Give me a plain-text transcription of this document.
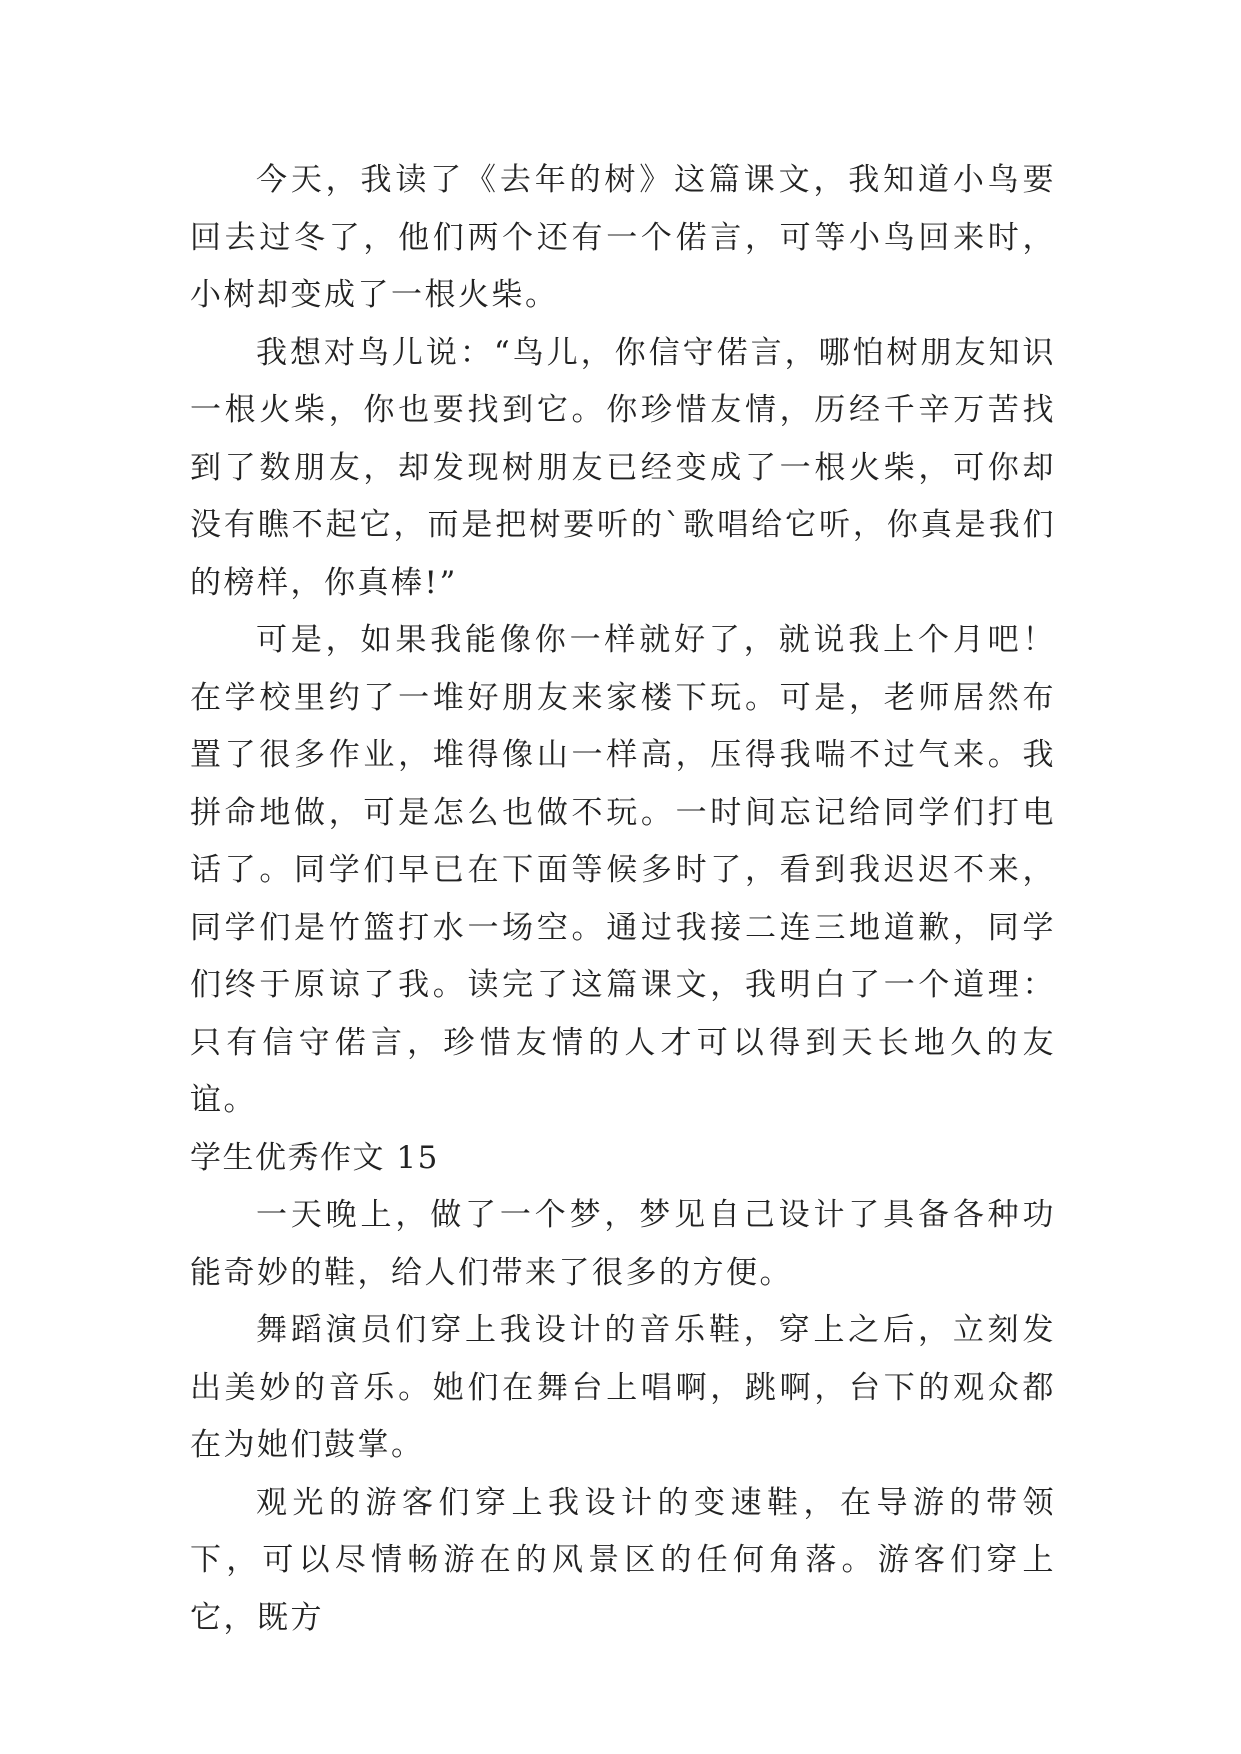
今天，我读了《去年的树》这篇课文，我知道小鸟要回去过冬了，他们两个还有一个偌言，可等小鸟回来时，小树却变成了一根火柴。

我想对鸟儿说：“鸟儿，你信守偌言，哪怕树朋友知识一根火柴，你也要找到它。你珍惜友情，历经千辛万苦找到了数朋友，却发现树朋友已经变成了一根火柴，可你却没有瞧不起它，而是把树要听的`歌唱给它听，你真是我们的榜样，你真棒!”

可是，如果我能像你一样就好了，就说我上个月吧！在学校里约了一堆好朋友来家楼下玩。可是，老师居然布置了很多作业，堆得像山一样高，压得我喘不过气来。我拼命地做，可是怎么也做不玩。一时间忘记给同学们打电话了。同学们早已在下面等候多时了，看到我迟迟不来，同学们是竹篮打水一场空。通过我接二连三地道歉，同学们终于原谅了我。读完了这篇课文，我明白了一个道理：只有信守偌言，珍惜友情的人才可以得到天长地久的友谊。

学生优秀作文 15

一天晚上，做了一个梦，梦见自己设计了具备各种功能奇妙的鞋，给人们带来了很多的方便。

舞蹈演员们穿上我设计的音乐鞋，穿上之后，立刻发出美妙的音乐。她们在舞台上唱啊，跳啊，台下的观众都在为她们鼓掌。

观光的游客们穿上我设计的变速鞋，在导游的带领下，可以尽情畅游在的风景区的任何角落。游客们穿上它，既方
